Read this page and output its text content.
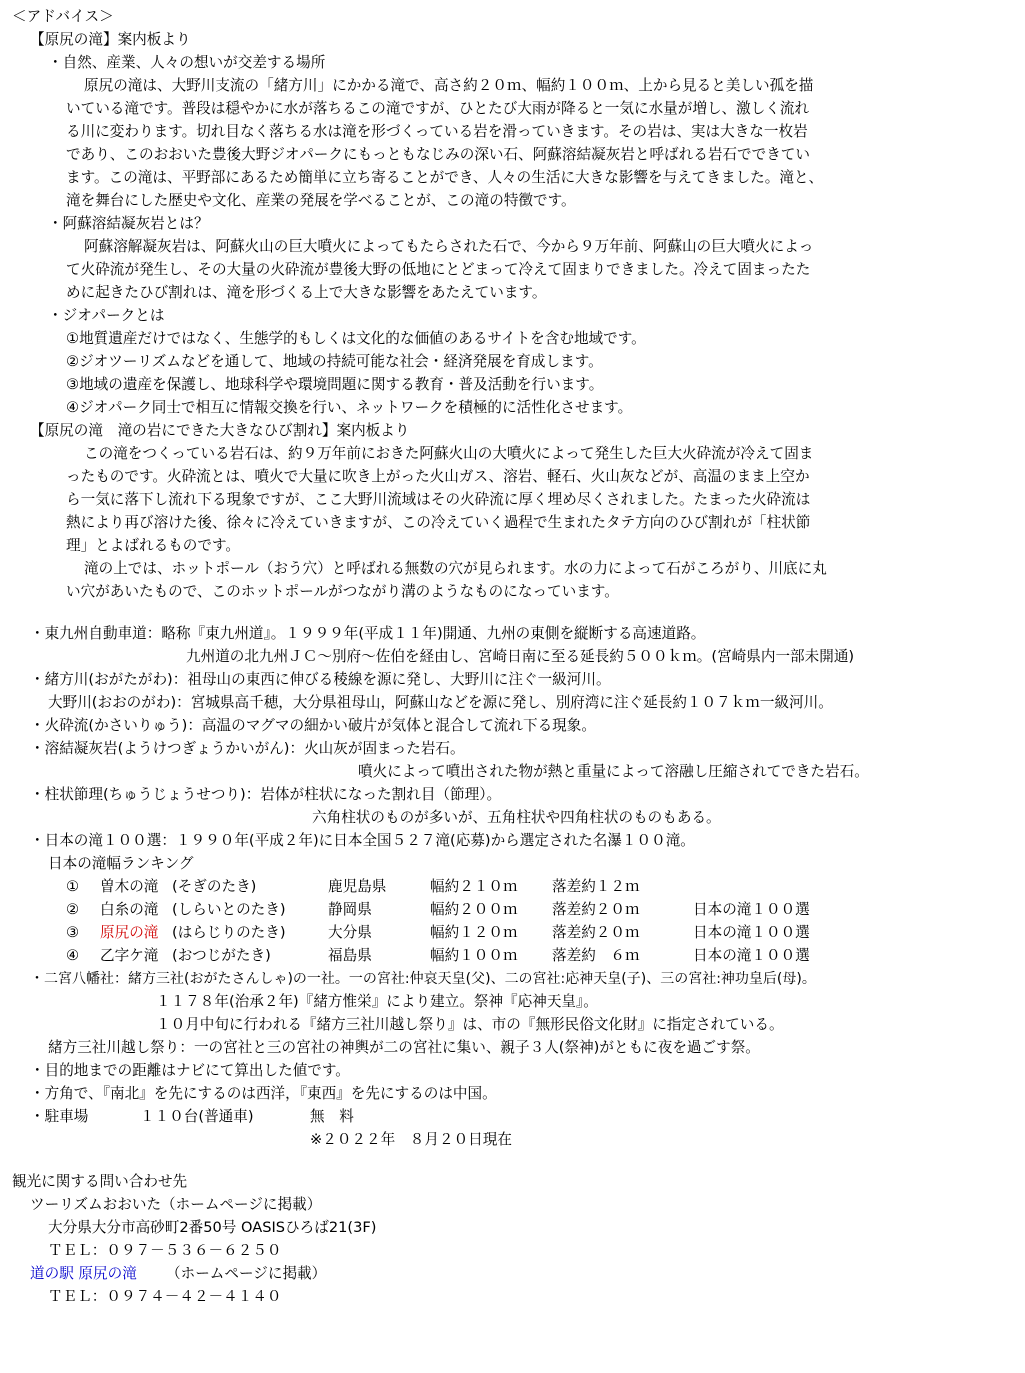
＜アドバイス＞
【原尻の滝】案内板より
・自然、産業、人々の想いが交差する場所
原尻の滝は、大野川支流の「緒方川」にかかる滝で、高さ約２０ｍ、幅約１００ｍ、上から見ると美しい孤を描
いている滝です。普段は穏やかに水が落ちるこの滝ですが、ひとたび大雨が降ると一気に水量が増し、激しく流れ
る川に変わります。切れ目なく落ちる水は滝を形づくっている岩を滑っていきます。その岩は、実は大きな一枚岩
であり、このおおいた豊後大野ジオパークにもっともなじみの深い石、阿蘇溶結凝灰岩と呼ばれる岩石でできてい
ます。この滝は、平野部にあるため簡単に立ち寄ることができ、人々の生活に大きな影響を与えてきました。滝と、
滝を舞台にした歴史や文化、産業の発展を学べることが、この滝の特徴です。
・阿蘇溶結凝灰岩とは？
阿蘇溶解凝灰岩は、阿蘇火山の巨大噴火によってもたらされた石で、今から９万年前、阿蘇山の巨大噴火によっ
て火砕流が発生し、その大量の火砕流が豊後大野の低地にとどまって冷えて固まりできました。冷えて固まったた
めに起きたひび割れは、滝を形づくる上で大きな影響をあたえています。
・ジオパークとは
①地質遺産だけではなく、生態学的もしくは文化的な価値のあるサイトを含む地域です。
②ジオツーリズムなどを通して、地域の持続可能な社会・経済発展を育成します。
③地域の遺産を保護し、地球科学や環境問題に関する教育・普及活動を行います。
④ジオパーク同士で相互に情報交換を行い、ネットワークを積極的に活性化させます。
【原尻の滝　滝の岩にできた大きなひび割れ】案内板より
この滝をつくっている岩石は、約９万年前におきた阿蘇火山の大噴火によって発生した巨大火砕流が冷えて固ま
ったものです。火砕流とは、噴火で大量に吹き上がった火山ガス、溶岩、軽石、火山灰などが、高温のまま上空か
ら一気に落下し流れ下る現象ですが、ここ大野川流域はその火砕流に厚く埋め尽くされました。たまった火砕流は
熱により再び溶けた後、徐々に冷えていきますが、この冷えていく過程で生まれたタテ方向のひび割れが「柱状節
理」とよばれるものです。
滝の上では、ホットポール（おう穴）と呼ばれる無数の穴が見られます。水の力によって石がころがり、川底に丸
い穴があいたもので、このホットポールがつながり溝のようなものになっています。
・東九州自動車道：略称『東九州道』。１９９９年(平成１１年)開通、九州の東側を縦断する高速道路。
九州道の北九州ＪＣ～別府～佐伯を経由し、宮崎日南に至る延長約５００ｋｍ。(宮崎県内一部未開通)
・緒方川(おがたがわ)：祖母山の東西に伸びる稜線を源に発し、大野川に注ぐ一級河川。
大野川(おおのがわ)：宮城県高千穂，大分県祖母山，阿蘇山などを源に発し、別府湾に注ぐ延長約１０７ｋｍ一級河川。
・火砕流(かさいりゅう)：高温のマグマの細かい破片が気体と混合して流れ下る現象。
・溶結凝灰岩(ようけつぎょうかいがん)：火山灰が固まった岩石。
噴火によって噴出された物が熱と重量によって溶融し圧縮されてできた岩石。
・柱状節理(ちゅうじょうせつり)：岩体が柱状になった割れ目（節理）。
六角柱状のものが多いが、五角柱状や四角柱状のものもある。
・日本の滝１００選：１９９０年(平成２年)に日本全国５２７滝(応募)から選定された名瀑１００滝。
日本の滝幅ランキング
① 曽木の滝 (そぎのたき)	鹿児島県	幅約２１０ｍ 落差約１２ｍ
② 白糸の滝 (しらいとのたき)	静岡県	幅約２００ｍ 落差約２０ｍ	日本の滝１００選
③ 原尻の滝 (はらじりのたき)	大分県	幅約１２０ｍ 落差約２０ｍ	日本の滝１００選
④ 乙字ケ滝 (おつじがたき)	福島県	幅約１００ｍ 落差約　６ｍ	日本の滝１００選
・二宮八幡社：緒方三社(おがたさんしゃ)の一社。一の宮社:仲哀天皇(父)、二の宮社:応神天皇(子)、三の宮社:神功皇后(母)。
１１７８年(治承２年)『緒方惟栄』により建立。祭神『応神天皇』。
１０月中旬に行われる『緒方三社川越し祭り』は、市の『無形民俗文化財』に指定されている。
緒方三社川越し祭り：一の宮社と三の宮社の神輿が二の宮社に集い、親子３人(祭神)がともに夜を過ごす祭。
・目的地までの距離はナビにて算出した値です。
・方角で、『南北』を先にするのは西洋，『東西』を先にするのは中国。
・駐車場	１１０台(普通車)	無　料
※２０２２年　８月２０日現在
観光に関する問い合わせ先
ツーリズムおおいた（ホームページに掲載）
大分県大分市高砂町2番50号 OASISひろば21(3F)
ＴＥＬ：０９７－５３６－６２５０
道の駅 原尻の滝 （ホームページに掲載）
ＴＥＬ：０９７４－４２－４１４０
